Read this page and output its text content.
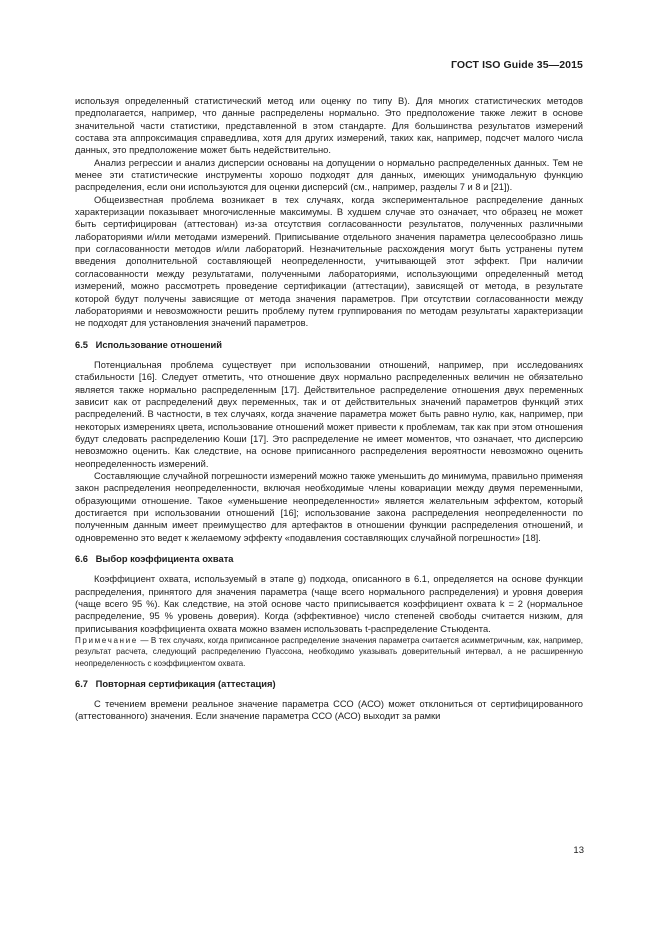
ГОСТ ISO Guide 35—2015

используя определенный статистический метод или оценку по типу B). Для многих статистических методов предполагается, например, что данные распределены нормально. Это предположение также лежит в основе значительной части статистики, представленной в этом стандарте. Для большинства результатов измерений состава эта аппроксимация справедлива, хотя для других измерений, таких как, например, подсчет малого числа данных, это предположение может быть недействительно.

Анализ регрессии и анализ дисперсии основаны на допущении о нормально распределенных данных. Тем не менее эти статистические инструменты хорошо подходят для данных, имеющих унимодальную функцию распределения, если они используются для оценки дисперсий (см., например, разделы 7 и 8 и [21]).

Общеизвестная проблема возникает в тех случаях, когда экспериментальное распределение данных характеризации показывает многочисленные максимумы. В худшем случае это означает, что образец не может быть сертифицирован (аттестован) из-за отсутствия согласованности результатов, полученных различными лабораториями и/или методами измерений. Приписывание отдельного значения параметра целесообразно лишь при согласованности методов и/или лабораторий. Незначительные расхождения могут быть устранены путем введения дополнительной составляющей неопределенности, учитывающей этот эффект. При наличии согласованности между результатами, полученными лабораториями, использующими определенный метод измерений, можно рассмотреть проведение сертификации (аттестации), зависящей от метода, в результате которой будут получены зависящие от метода значения параметров. При отсутствии согласованности между лабораториями и невозможности решить проблему путем группирования по методам результаты характеризации не подходят для установления значений параметров.

6.5 Использование отношений

Потенциальная проблема существует при использовании отношений, например, при исследованиях стабильности [16]. Следует отметить, что отношение двух нормально распределенных величин не обязательно является также нормально распределенным [17]. Действительное распределение отношения двух переменных зависит как от распределений двух переменных, так и от действительных значений параметров функций этих распределений. В частности, в тех случаях, когда значение параметра может быть равно нулю, как, например, при некоторых измерениях цвета, использование отношений может привести к проблемам, так как при этом отношения будут следовать распределению Коши [17]. Это распределение не имеет моментов, что означает, что дисперсию невозможно оценить. Как следствие, на основе приписанного распределения вероятности невозможно оценить неопределенность измерений.

Составляющие случайной погрешности измерений можно также уменьшить до минимума, правильно применяя закон распределения неопределенности, включая необходимые члены ковариации между двумя переменными, образующими отношение. Такое «уменьшение неопределенности» является желательным эффектом, который достигается при использовании отношений [16]; использование закона распределения неопределенности по полученным данным имеет преимущество для артефактов в отношении функции распределения отношений, и одновременно это ведет к желаемому эффекту «подавления составляющих случайной погрешности» [18].

6.6 Выбор коэффициента охвата

Коэффициент охвата, используемый в этапе g) подхода, описанного в 6.1, определяется на основе функции распределения, принятого для значения параметра (чаще всего нормального распределения) и уровня доверия (чаще всего 95 %). Как следствие, на этой основе часто приписывается коэффициент охвата k = 2 (нормальное распределение, 95 % уровень доверия). Когда (эффективное) число степеней свободы считается низким, для приписывания коэффициента охвата можно взамен использовать t-распределение Стьюдента.

Примечание — В тех случаях, когда приписанное распределение значения параметра считается асимметричным, как, например, результат расчета, следующий распределению Пуассона, необходимо указывать доверительный интервал, а не расширенную неопределенность с коэффициентом охвата.

6.7 Повторная сертификация (аттестация)

С течением времени реальное значение параметра ССО (АСО) может отклониться от сертифицированного (аттестованного) значения. Если значение параметра ССО (АСО) выходит за рамки

13
